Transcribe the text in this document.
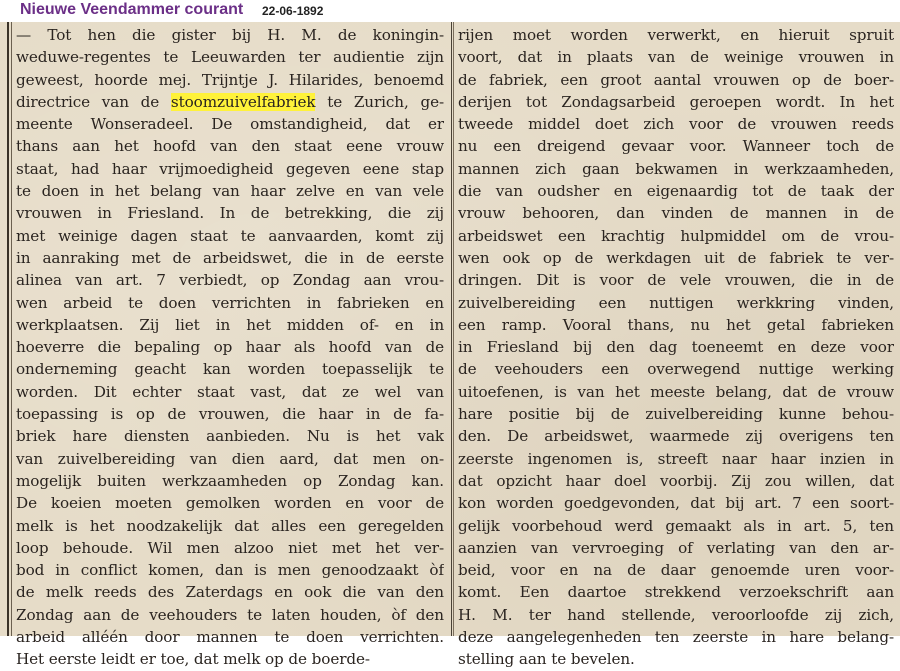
Nieuwe Veendammer courant 22-06-1892
— Tot hen die gister bij H. M. de koningin-
weduwe-regentes te Leeuwarden ter audientie zijn
geweest, hoorde mej. Trijntje J. Hilarides, benoemd
directrice van de stoomzuivelfabriek te Zurich, ge-
meente Wonseradeel. De omstandigheid, dat er
thans aan het hoofd van den staat eene vrouw
staat, had haar vrijmoedigheid gegeven eene stap
te doen in het belang van haar zelve en van vele
vrouwen in Friesland. In de betrekking, die zij
met weinige dagen staat te aanvaarden, komt zij
in aanraking met de arbeidswet, die in de eerste
alinea van art. 7 verbiedt, op Zondag aan vrou-
wen arbeid te doen verrichten in fabrieken en
werkplaatsen. Zij liet in het midden of- en in
hoeverre die bepaling op haar als hoofd van de
onderneming geacht kan worden toepasselijk te
worden. Dit echter staat vast, dat ze wel van
toepassing is op de vrouwen, die haar in de fa-
briek hare diensten aanbieden. Nu is het vak
van zuivelbereiding van dien aard, dat men on-
mogelijk buiten werkzaamheden op Zondag kan.
De koeien moeten gemolken worden en voor de
melk is het noodzakelijk dat alles een geregelden
loop behoude. Wil men alzoo niet met het ver-
bod in conflict komen, dan is men genoodzaakt òf
de melk reeds des Zaterdags en ook die van den
Zondag aan de veehouders te laten houden, òf den
arbeid alléén door mannen te doen verrichten.
Het eerste leidt er toe, dat melk op de boerde-
rijen moet worden verwerkt, en hieruit spruit
voort, dat in plaats van de weinige vrouwen in
de fabriek, een groot aantal vrouwen op de boer-
derijen tot Zondagsarbeid geroepen wordt. In het
tweede middel doet zich voor de vrouwen reeds
nu een dreigend gevaar voor. Wanneer toch de
mannen zich gaan bekwamen in werkzaamheden,
die van oudsher en eigenaardig tot de taak der
vrouw behooren, dan vinden de mannen in de
arbeidswet een krachtig hulpmiddel om de vrou-
wen ook op de werkdagen uit de fabriek te ver-
dringen. Dit is voor de vele vrouwen, die in de
zuivelbereiding een nuttigen werkkring vinden,
een ramp. Vooral thans, nu het getal fabrieken
in Friesland bij den dag toeneemt en deze voor
de veehouders een overwegend nuttige werking
uitoefenen, is van het meeste belang, dat de vrouw
hare positie bij de zuivelbereiding kunne behou-
den. De arbeidswet, waarmede zij overigens ten
zeerste ingenomen is, streeft naar haar inzien in
dat opzicht haar doel voorbij. Zij zou willen, dat
kon worden goedgevonden, dat bij art. 7 een soort-
gelijk voorbehoud werd gemaakt als in art. 5, ten
aanzien van vervroeging of verlating van den ar-
beid, voor en na de daar genoemde uren voor-
komt. Een daartoe strekkend verzoekschrift aan
H. M. ter hand stellende, veroorloofde zij zich,
deze aangelegenheden ten zeerste in hare belang-
stelling aan te bevelen.
